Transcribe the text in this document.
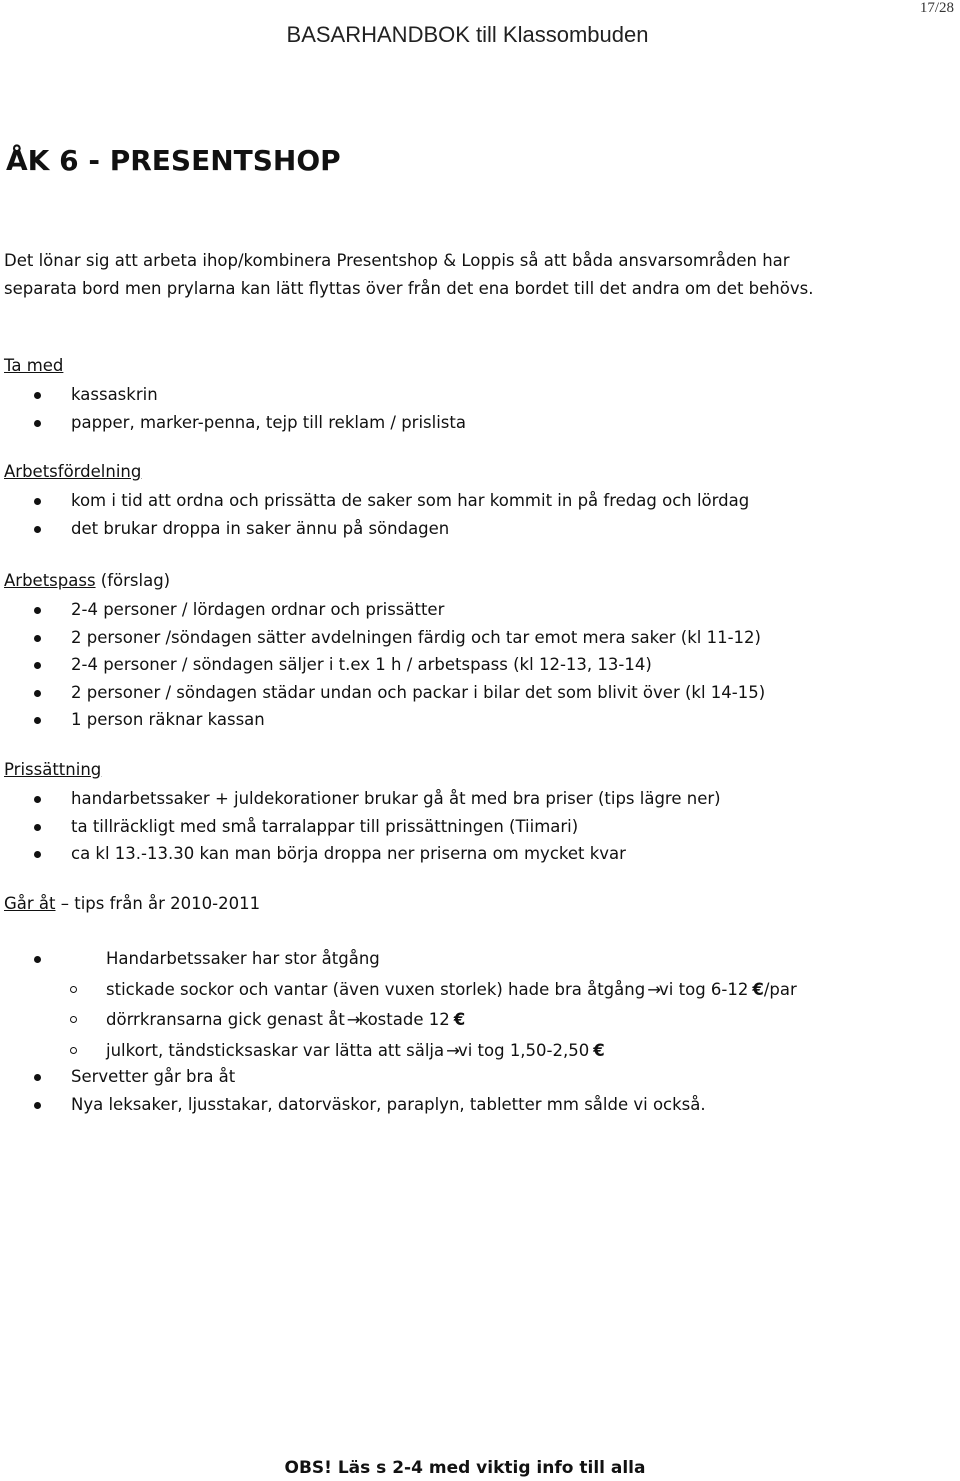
17/28
BASARHANDBOK till Klassombuden
ÅK 6 - PRESENTSHOP
Det lönar sig att arbeta ihop/kombinera Presentshop & Loppis så att båda ansvarsområden har
separata bord men prylarna kan lätt flyttas över från det ena bordet till det andra om det behövs.
Ta med
kassaskrin
papper, marker-penna, tejp till reklam / prislista
Arbetsfördelning
kom i tid att ordna och prissätta de saker som har kommit in på fredag och lördag
det brukar droppa in saker ännu på söndagen
Arbetspass (förslag)
2-4 personer / lördagen ordnar och prissätter
2 personer /söndagen sätter avdelningen färdig och tar emot mera saker (kl 11-12)
2-4 personer / söndagen säljer i t.ex 1 h / arbetspass (kl 12-13, 13-14)
2 personer / söndagen städar undan och packar i bilar det som blivit över (kl 14-15)
1 person räknar kassan
Prissättning
handarbetssaker + juldekorationer brukar gå åt med bra priser (tips lägre ner)
ta tillräckligt med små tarralappar till prissättningen (Tiimari)
ca kl 13.-13.30 kan man börja droppa ner priserna om mycket kvar
Går åt – tips från år 2010-2011
Handarbetssaker har stor åtgång
stickade sockor och vantar (även vuxen storlek) hade bra åtgång →vi tog 6-12 €/par
dörrkransarna gick genast åt →kostade 12 €
julkort, tändsticksaskar var lätta att sälja →vi tog 1,50-2,50 €
Servetter går bra åt
Nya leksaker, ljusstakar, datorväskor, paraplyn, tabletter mm sålde vi också.
OBS! Läs s 2-4 med viktig info till alla
